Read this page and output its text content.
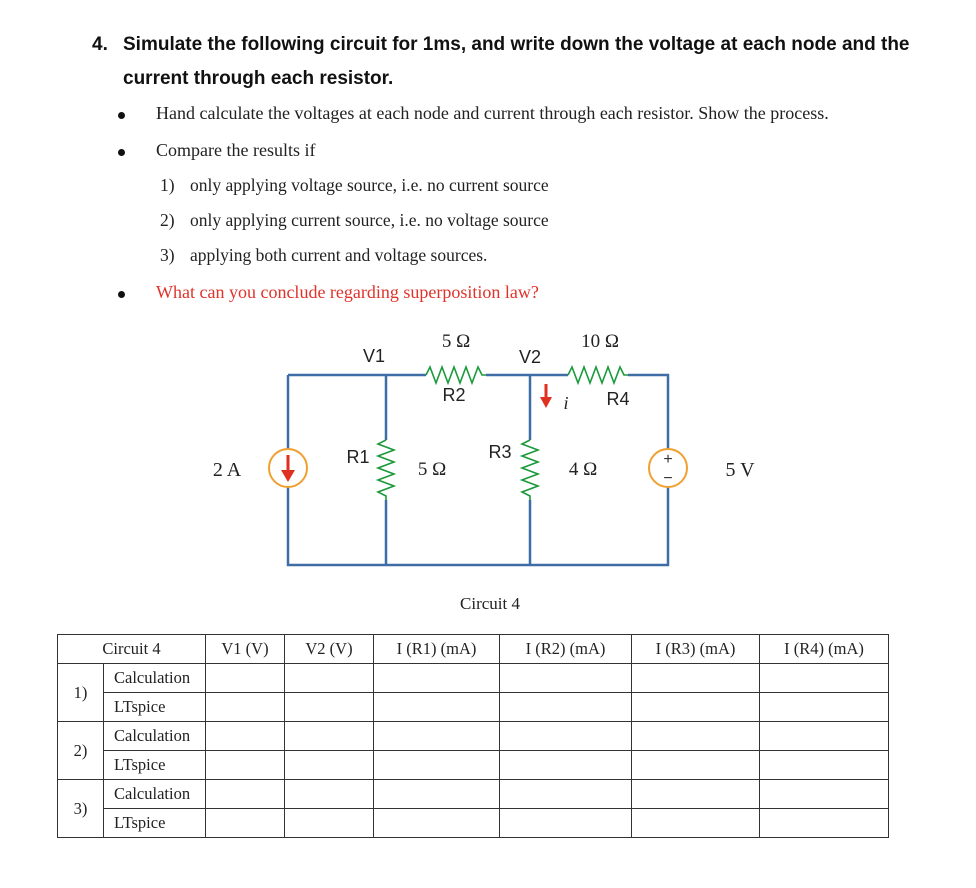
4. Simulate the following circuit for 1ms, and write down the voltage at each node and the current through each resistor.
Hand calculate the voltages at each node and current through each resistor. Show the process.
Compare the results if
1) only applying voltage source, i.e. no current source
2) only applying current source, i.e. no voltage source
3) applying both current and voltage sources.
What can you conclude regarding superposition law?
+
−
V1	V2
5 Ω
R2
10 Ω
R4
i
R1
5 Ω
R3
4 Ω
2 A	5 V
Circuit 4
Circuit 4		V1 (V)	V2 (V)	I (R1) (mA)	I (R2) (mA)	I (R3) (mA)	I (R4) (mA)
1)	Calculation						
	LTspice						
2)	Calculation						
	LTspice						
3)	Calculation						
	LTspice						
